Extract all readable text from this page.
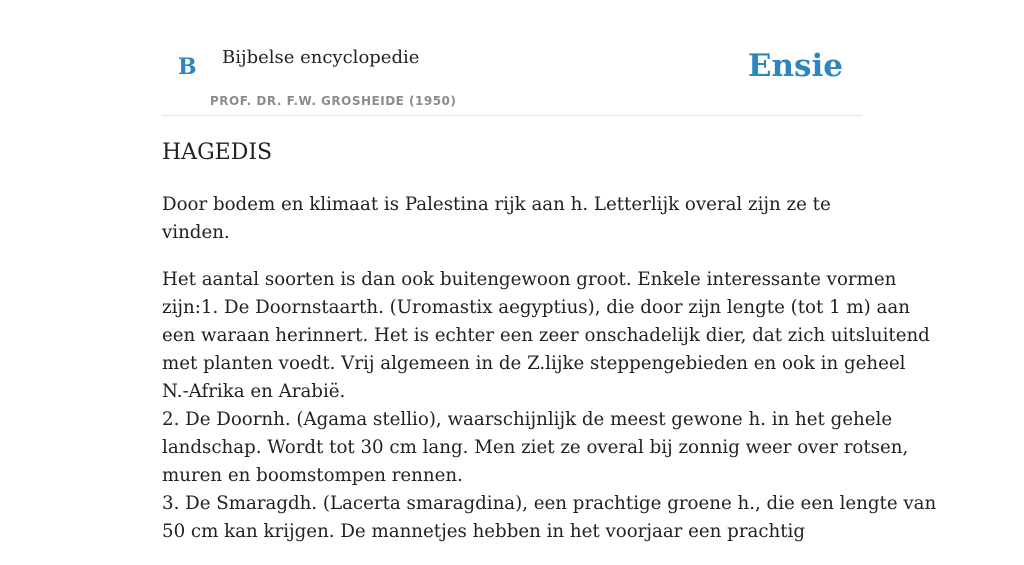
B Bijbelse encyclopedie
PROF. DR. F.W. GROSHEIDE (1950)
Ensie
HAGEDIS

Door bodem en klimaat is Palestina rijk aan h. Letterlijk overal zijn ze te vinden.

Het aantal soorten is dan ook buitengewoon groot. Enkele interessante vormen
zijn:1. De Doornstaarth. (Uromastix aegyptius), die door zijn lengte (tot 1 m) aan
een waraan herinnert. Het is echter een zeer onschadelijk dier, dat zich uitsluitend
met planten voedt. Vrij algemeen in de Z.lijke steppengebieden en ook in geheel
N.-Afrika en Arabië.
2. De Doornh. (Agama stellio), waarschijnlijk de meest gewone h. in het gehele
landschap. Wordt tot 30 cm lang. Men ziet ze overal bij zonnig weer over rotsen,
muren en boomstompen rennen.
3. De Smaragdh. (Lacerta smaragdina), een prachtige groene h., die een lengte van
50 cm kan krijgen. De mannetjes hebben in het voorjaar een prachtig
